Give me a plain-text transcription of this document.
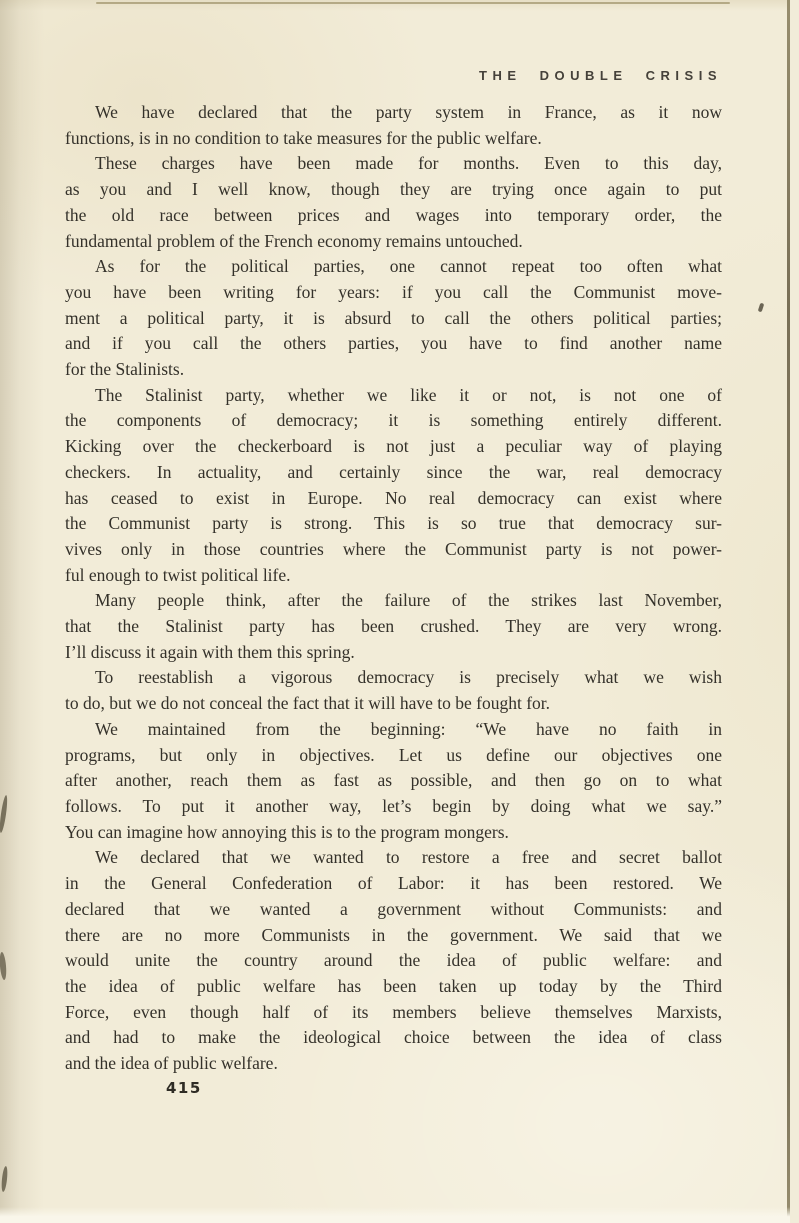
THE DOUBLE CRISIS
We have declared that the party system in France, as it now
functions, is in no condition to take measures for the public welfare.
These charges have been made for months. Even to this day,
as you and I well know, though they are trying once again to put
the old race between prices and wages into temporary order, the
fundamental problem of the French economy remains untouched.
As for the political parties, one cannot repeat too often what
you have been writing for years: if you call the Communist move-
ment a political party, it is absurd to call the others political parties;
and if you call the others parties, you have to find another name
for the Stalinists.
The Stalinist party, whether we like it or not, is not one of
the components of democracy; it is something entirely different.
Kicking over the checkerboard is not just a peculiar way of playing
checkers. In actuality, and certainly since the war, real democracy
has ceased to exist in Europe. No real democracy can exist where
the Communist party is strong. This is so true that democracy sur-
vives only in those countries where the Communist party is not power-
ful enough to twist political life.
Many people think, after the failure of the strikes last November,
that the Stalinist party has been crushed. They are very wrong.
I’ll discuss it again with them this spring.
To reestablish a vigorous democracy is precisely what we wish
to do, but we do not conceal the fact that it will have to be fought for.
We maintained from the beginning: “We have no faith in
programs, but only in objectives. Let us define our objectives one
after another, reach them as fast as possible, and then go on to what
follows. To put it another way, let’s begin by doing what we say.”
You can imagine how annoying this is to the program mongers.
We declared that we wanted to restore a free and secret ballot
in the General Confederation of Labor: it has been restored. We
declared that we wanted a government without Communists: and
there are no more Communists in the government. We said that we
would unite the country around the idea of public welfare: and
the idea of public welfare has been taken up today by the Third
Force, even though half of its members believe themselves Marxists,
and had to make the ideological choice between the idea of class
and the idea of public welfare.
415
